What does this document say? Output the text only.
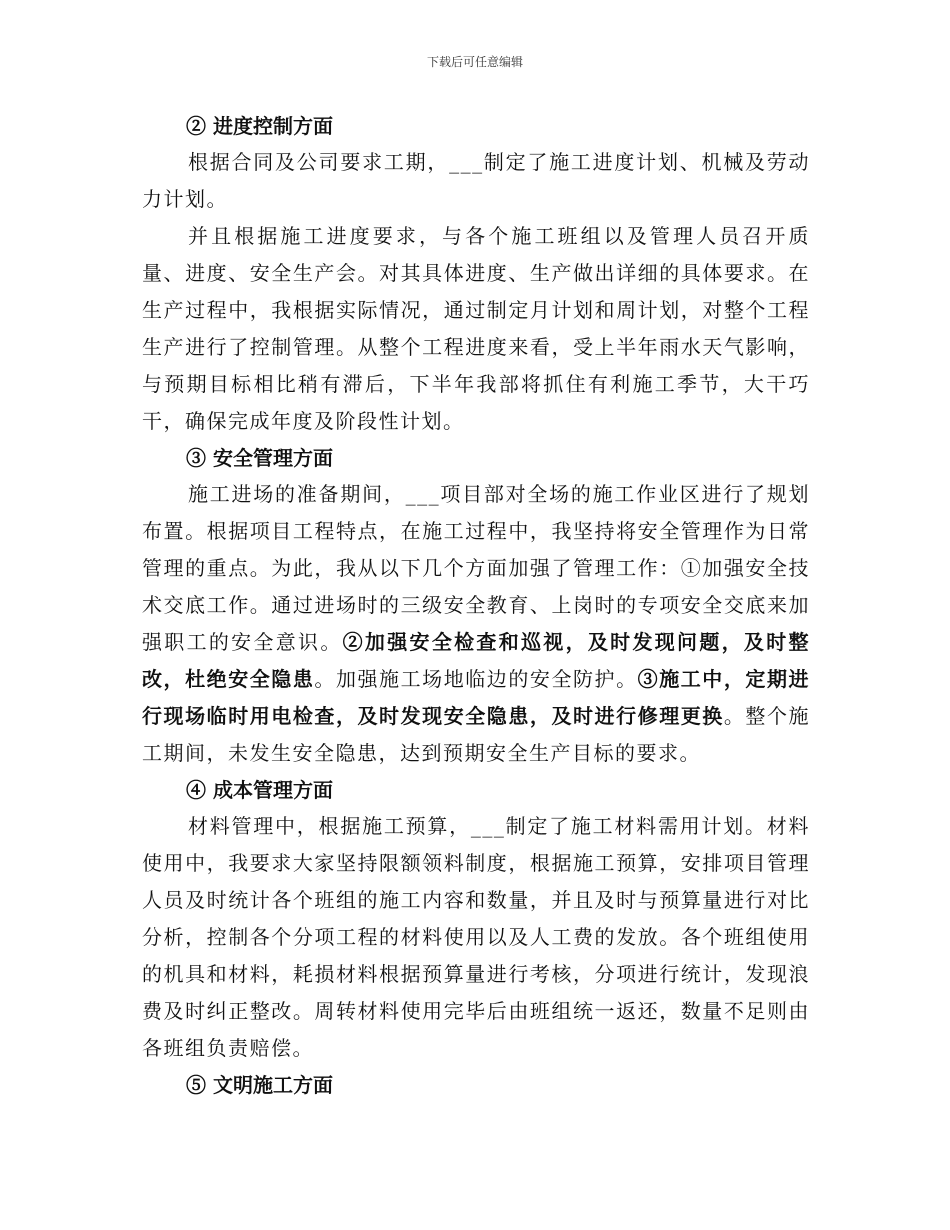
下载后可任意编辑

② 进度控制方面

根据合同及公司要求工期，___制定了施工进度计划、机械及劳动力计划。

并且根据施工进度要求，与各个施工班组以及管理人员召开质量、进度、安全生产会。对其具体进度、生产做出详细的具体要求。在生产过程中，我根据实际情况，通过制定月计划和周计划，对整个工程生产进行了控制管理。从整个工程进度来看，受上半年雨水天气影响，与预期目标相比稍有滞后，下半年我部将抓住有利施工季节，大干巧干，确保完成年度及阶段性计划。

③ 安全管理方面

施工进场的准备期间，___项目部对全场的施工作业区进行了规划布置。根据项目工程特点，在施工过程中，我坚持将安全管理作为日常管理的重点。为此，我从以下几个方面加强了管理工作：①加强安全技术交底工作。通过进场时的三级安全教育、上岗时的专项安全交底来加强职工的安全意识。②加强安全检查和巡视，及时发现问题，及时整改，杜绝安全隐患。加强施工场地临边的安全防护。③施工中，定期进行现场临时用电检查，及时发现安全隐患，及时进行修理更换。整个施工期间，未发生安全隐患，达到预期安全生产目标的要求。

④ 成本管理方面

材料管理中，根据施工预算，___制定了施工材料需用计划。材料使用中，我要求大家坚持限额领料制度，根据施工预算，安排项目管理人员及时统计各个班组的施工内容和数量，并且及时与预算量进行对比分析，控制各个分项工程的材料使用以及人工费的发放。各个班组使用的机具和材料，耗损材料根据预算量进行考核，分项进行统计，发现浪费及时纠正整改。周转材料使用完毕后由班组统一返还，数量不足则由各班组负责赔偿。

⑤ 文明施工方面
